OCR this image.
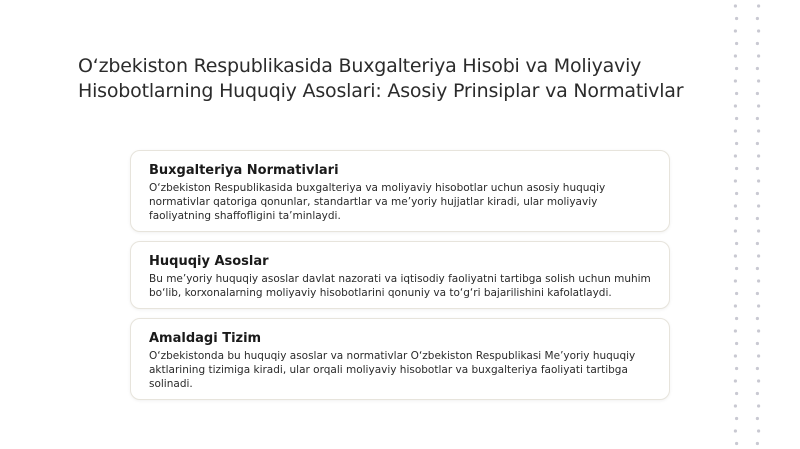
O‘zbekiston Respublikasida Buxgalteriya Hisobi va Moliyaviy
Hisobotlarning Huquqiy Asoslari: Asosiy Prinsiplar va Normativlar
Buxgalteriya Normativlari
O‘zbekiston Respublikasida buxgalteriya va moliyaviy hisobotlar uchun asosiy huquqiy normativlar qatoriga qonunlar, standartlar va me’yoriy hujjatlar kiradi, ular moliyaviy faoliyatning shaffofligini ta’minlaydi.
Huquqiy Asoslar
Bu me’yoriy huquqiy asoslar davlat nazorati va iqtisodiy faoliyatni tartibga solish uchun muhim bo‘lib, korxonalarning moliyaviy hisobotlarini qonuniy va to‘g‘ri bajarilishini kafolatlaydi.
Amaldagi Tizim
O‘zbekistonda bu huquqiy asoslar va normativlar O‘zbekiston Respublikasi Me’yoriy huquqiy aktlarining tizimiga kiradi, ular orqali moliyaviy hisobotlar va buxgalteriya faoliyati tartibga solinadi.
